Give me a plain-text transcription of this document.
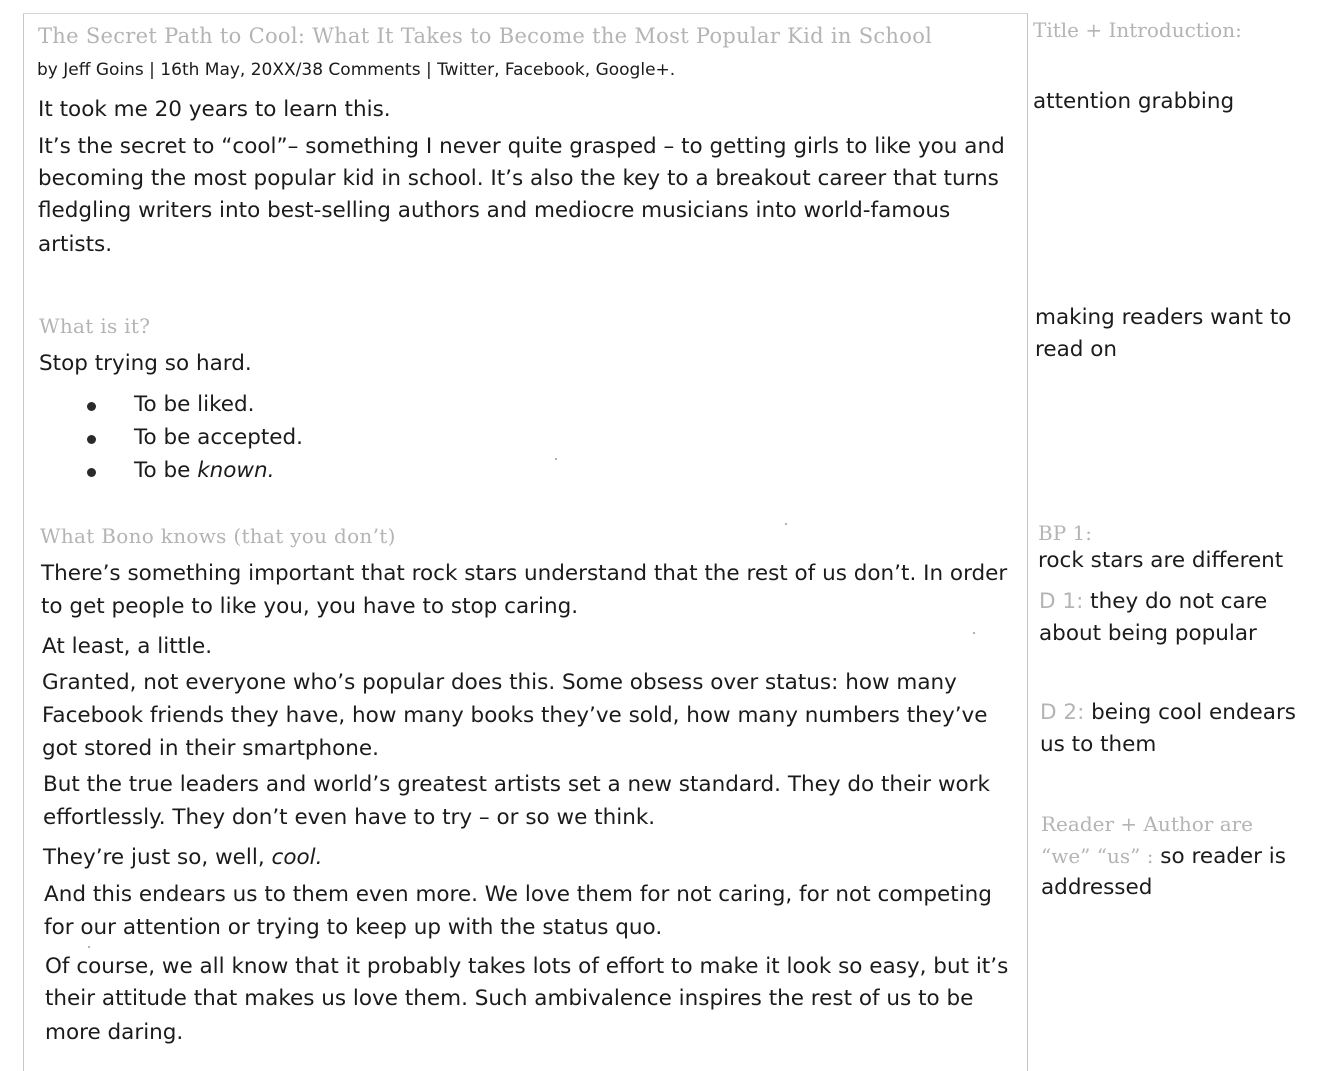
The Secret Path to Cool: What It Takes to Become the Most Popular Kid in School

by Jeff Goins | 16th May, 20XX/38 Comments | Twitter, Facebook, Google+.

It took me 20 years to learn this.

It’s the secret to “cool”– something I never quite grasped – to getting girls to like you and

becoming the most popular kid in school. It’s also the key to a breakout career that turns

fledgling writers into best-selling authors and mediocre musicians into world-famous

artists.

What is it?

Stop trying so hard.

To be liked.
To be accepted.
To be known.

What Bono knows (that you don’t)

There’s something important that rock stars understand that the rest of us don’t. In order

to get people to like you, you have to stop caring.

At least, a little.

Granted, not everyone who’s popular does this. Some obsess over status: how many

Facebook friends they have, how many books they’ve sold, how many numbers they’ve

got stored in their smartphone.

But the true leaders and world’s greatest artists set a new standard. They do their work

effortlessly. They don’t even have to try – or so we think.

They’re just so, well, cool.

And this endears us to them even more. We love them for not caring, for not competing

for our attention or trying to keep up with the status quo.

Of course, we all know that it probably takes lots of effort to make it look so easy, but it’s

their attitude that makes us love them. Such ambivalence inspires the rest of us to be

more daring.

Title + Introduction:

attention grabbing

making readers want to

read on

BP 1:

rock stars are different

D 1: they do not care

about being popular

D 2: being cool endears

us to them

Reader + Author are

“we” “us” : so reader is

addressed
